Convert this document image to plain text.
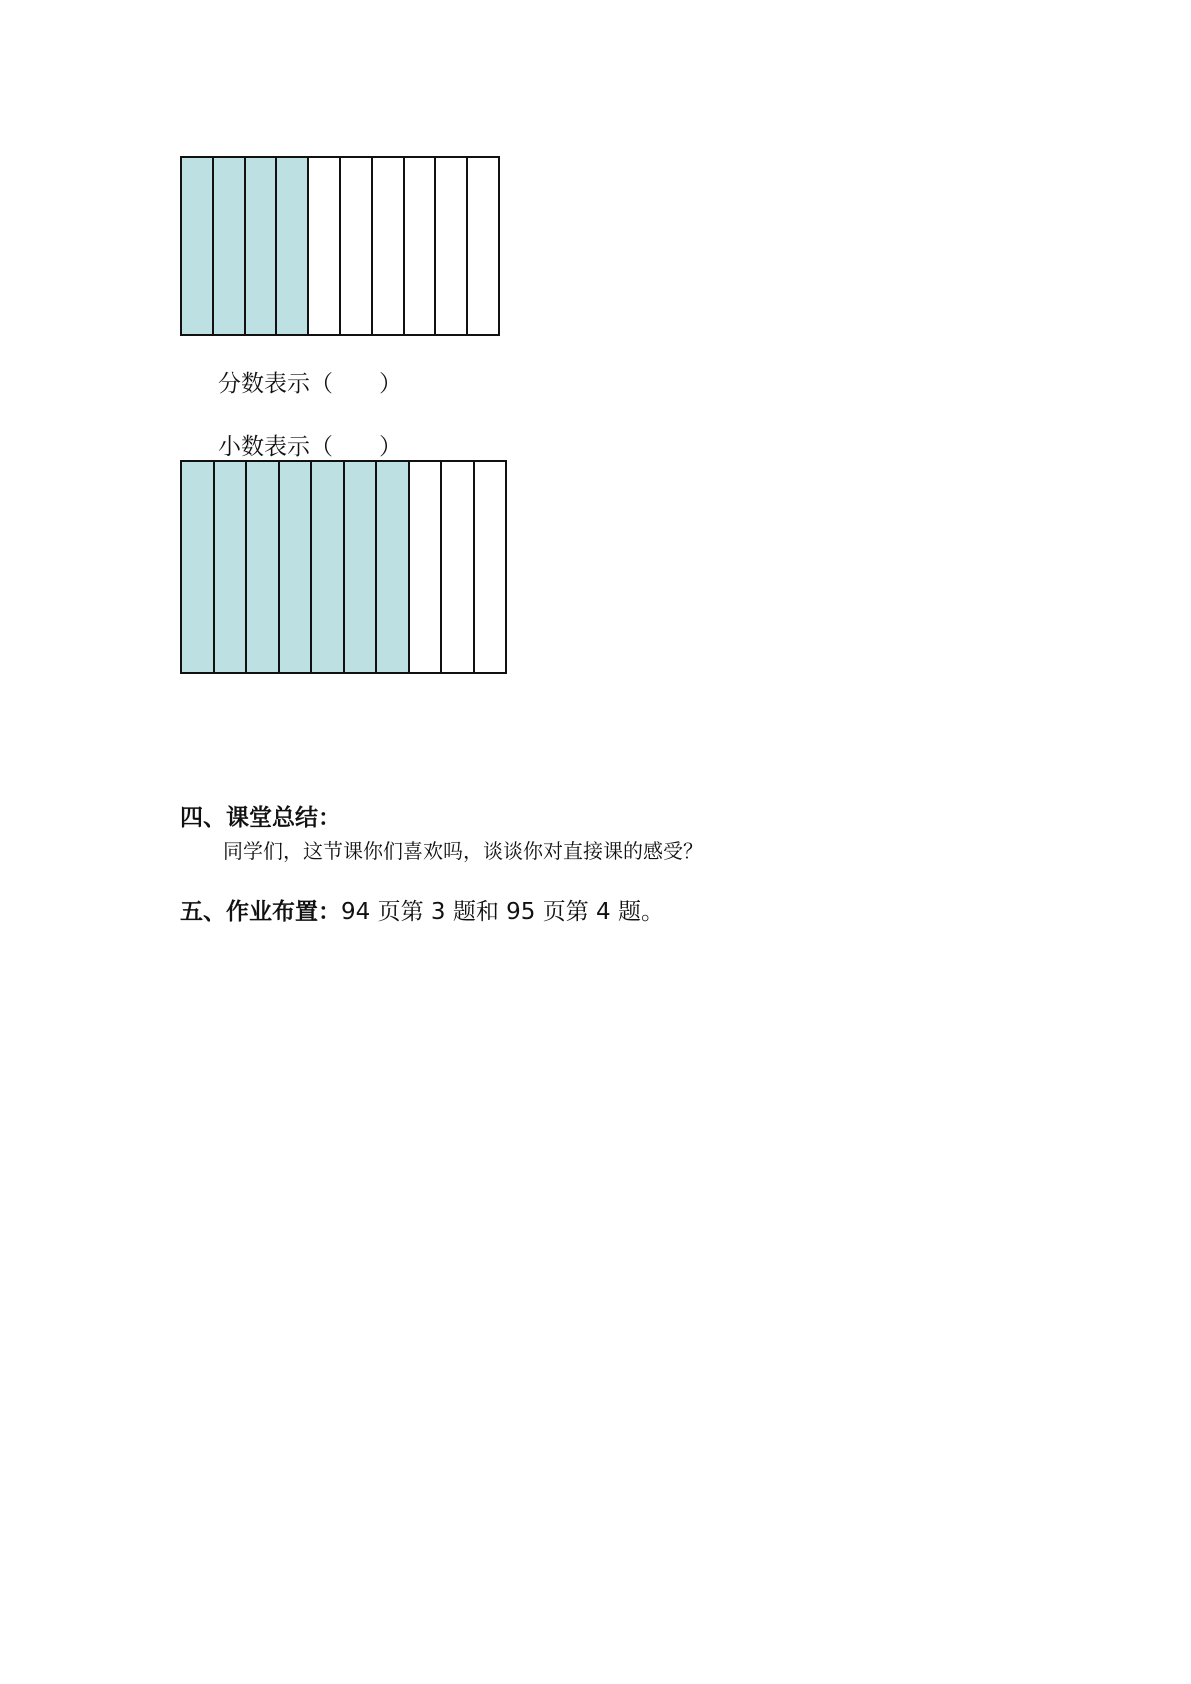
分数表示（　　）
小数表示（　　）
四、课堂总结：
同学们，这节课你们喜欢吗，谈谈你对直接课的感受？
五、作业布置：94 页第 3 题和 95 页第 4 题。
